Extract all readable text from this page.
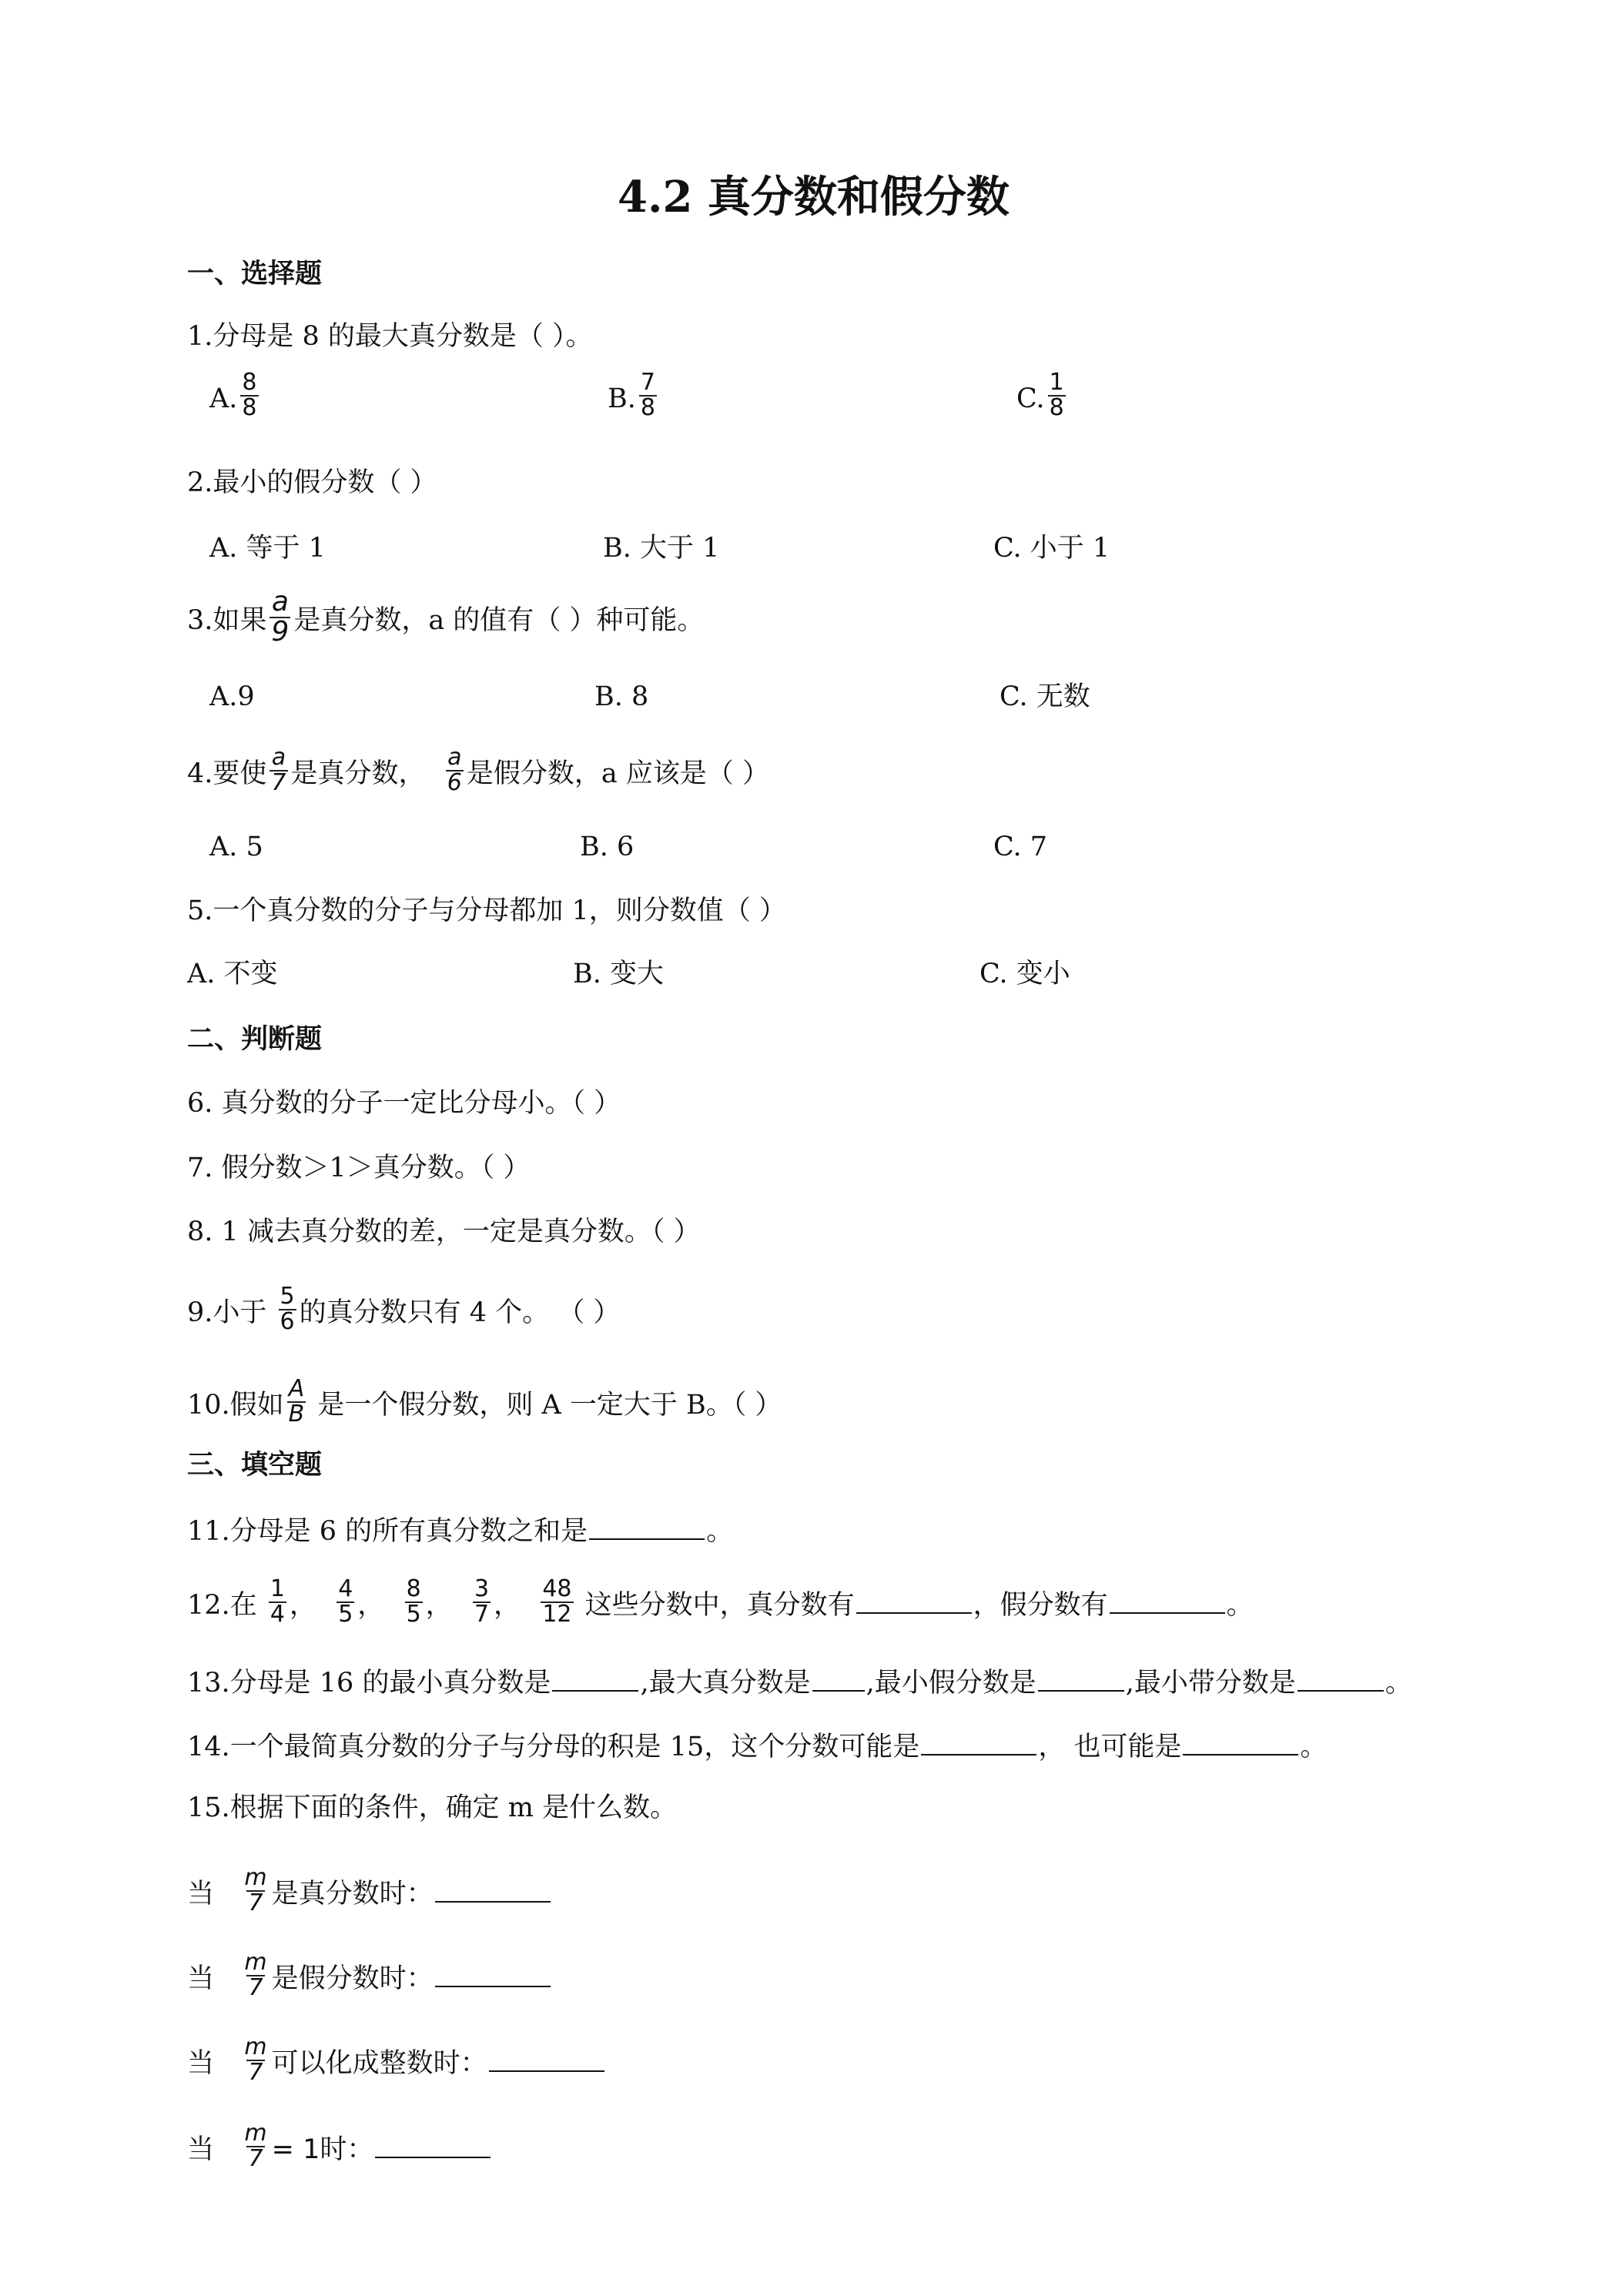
4.2 真分数和假分数
一、选择题
1.分母是 8 的最大真分数是（ ）。
A. $\frac{8}{8}$	B. $\frac{7}{8}$	C. $\frac{1}{8}$
2.最小的假分数（ ）
A. 等于 1	B. 大于 1	C. 小于 1
3.如果 $\frac{a}{9}$ 是真分数，a 的值有（ ）种可能。
A.9	B. 8	C. 无数
4.要使 $\frac{a}{7}$ 是真分数， $\frac{a}{6}$ 是假分数，a 应该是（ ）
A. 5	B. 6	C. 7
5.一个真分数的分子与分母都加 1，则分数值（ ）
A. 不变	B. 变大	C. 变小
二、判断题
6. 真分数的分子一定比分母小。（ ）
7. 假分数＞1＞真分数。（ ）
8. 1 减去真分数的差，一定是真分数。（ ）
9.小于 $\frac{5}{6}$ 的真分数只有 4 个。 （ ）
10.假如 $\frac{A}{B}$ 是一个假分数，则 A 一定大于 B。（ ）
三、填空题
11.分母是 6 的所有真分数之和是	。
12.在 $\frac{1}{4}$ ， $\frac{4}{5}$ ， $\frac{8}{5}$ ， $\frac{3}{7}$ ， $\frac{48}{12}$ 这些分数中，真分数有	，假分数有	。
13.分母是 16 的最小真分数是	,最大真分数是 ,最小假分数是	,最小带分数是	。
14.一个最简真分数的分子与分母的积是 15，这个分数可能是	， 也可能是	。
15.根据下面的条件，确定 m 是什么数。
当 $\frac{m}{7}$ 是真分数时：
当 $\frac{m}{7}$ 是假分数时：
当 $\frac{m}{7}$ 可以化成整数时：
当 $\frac{m}{7} = 1$时：
